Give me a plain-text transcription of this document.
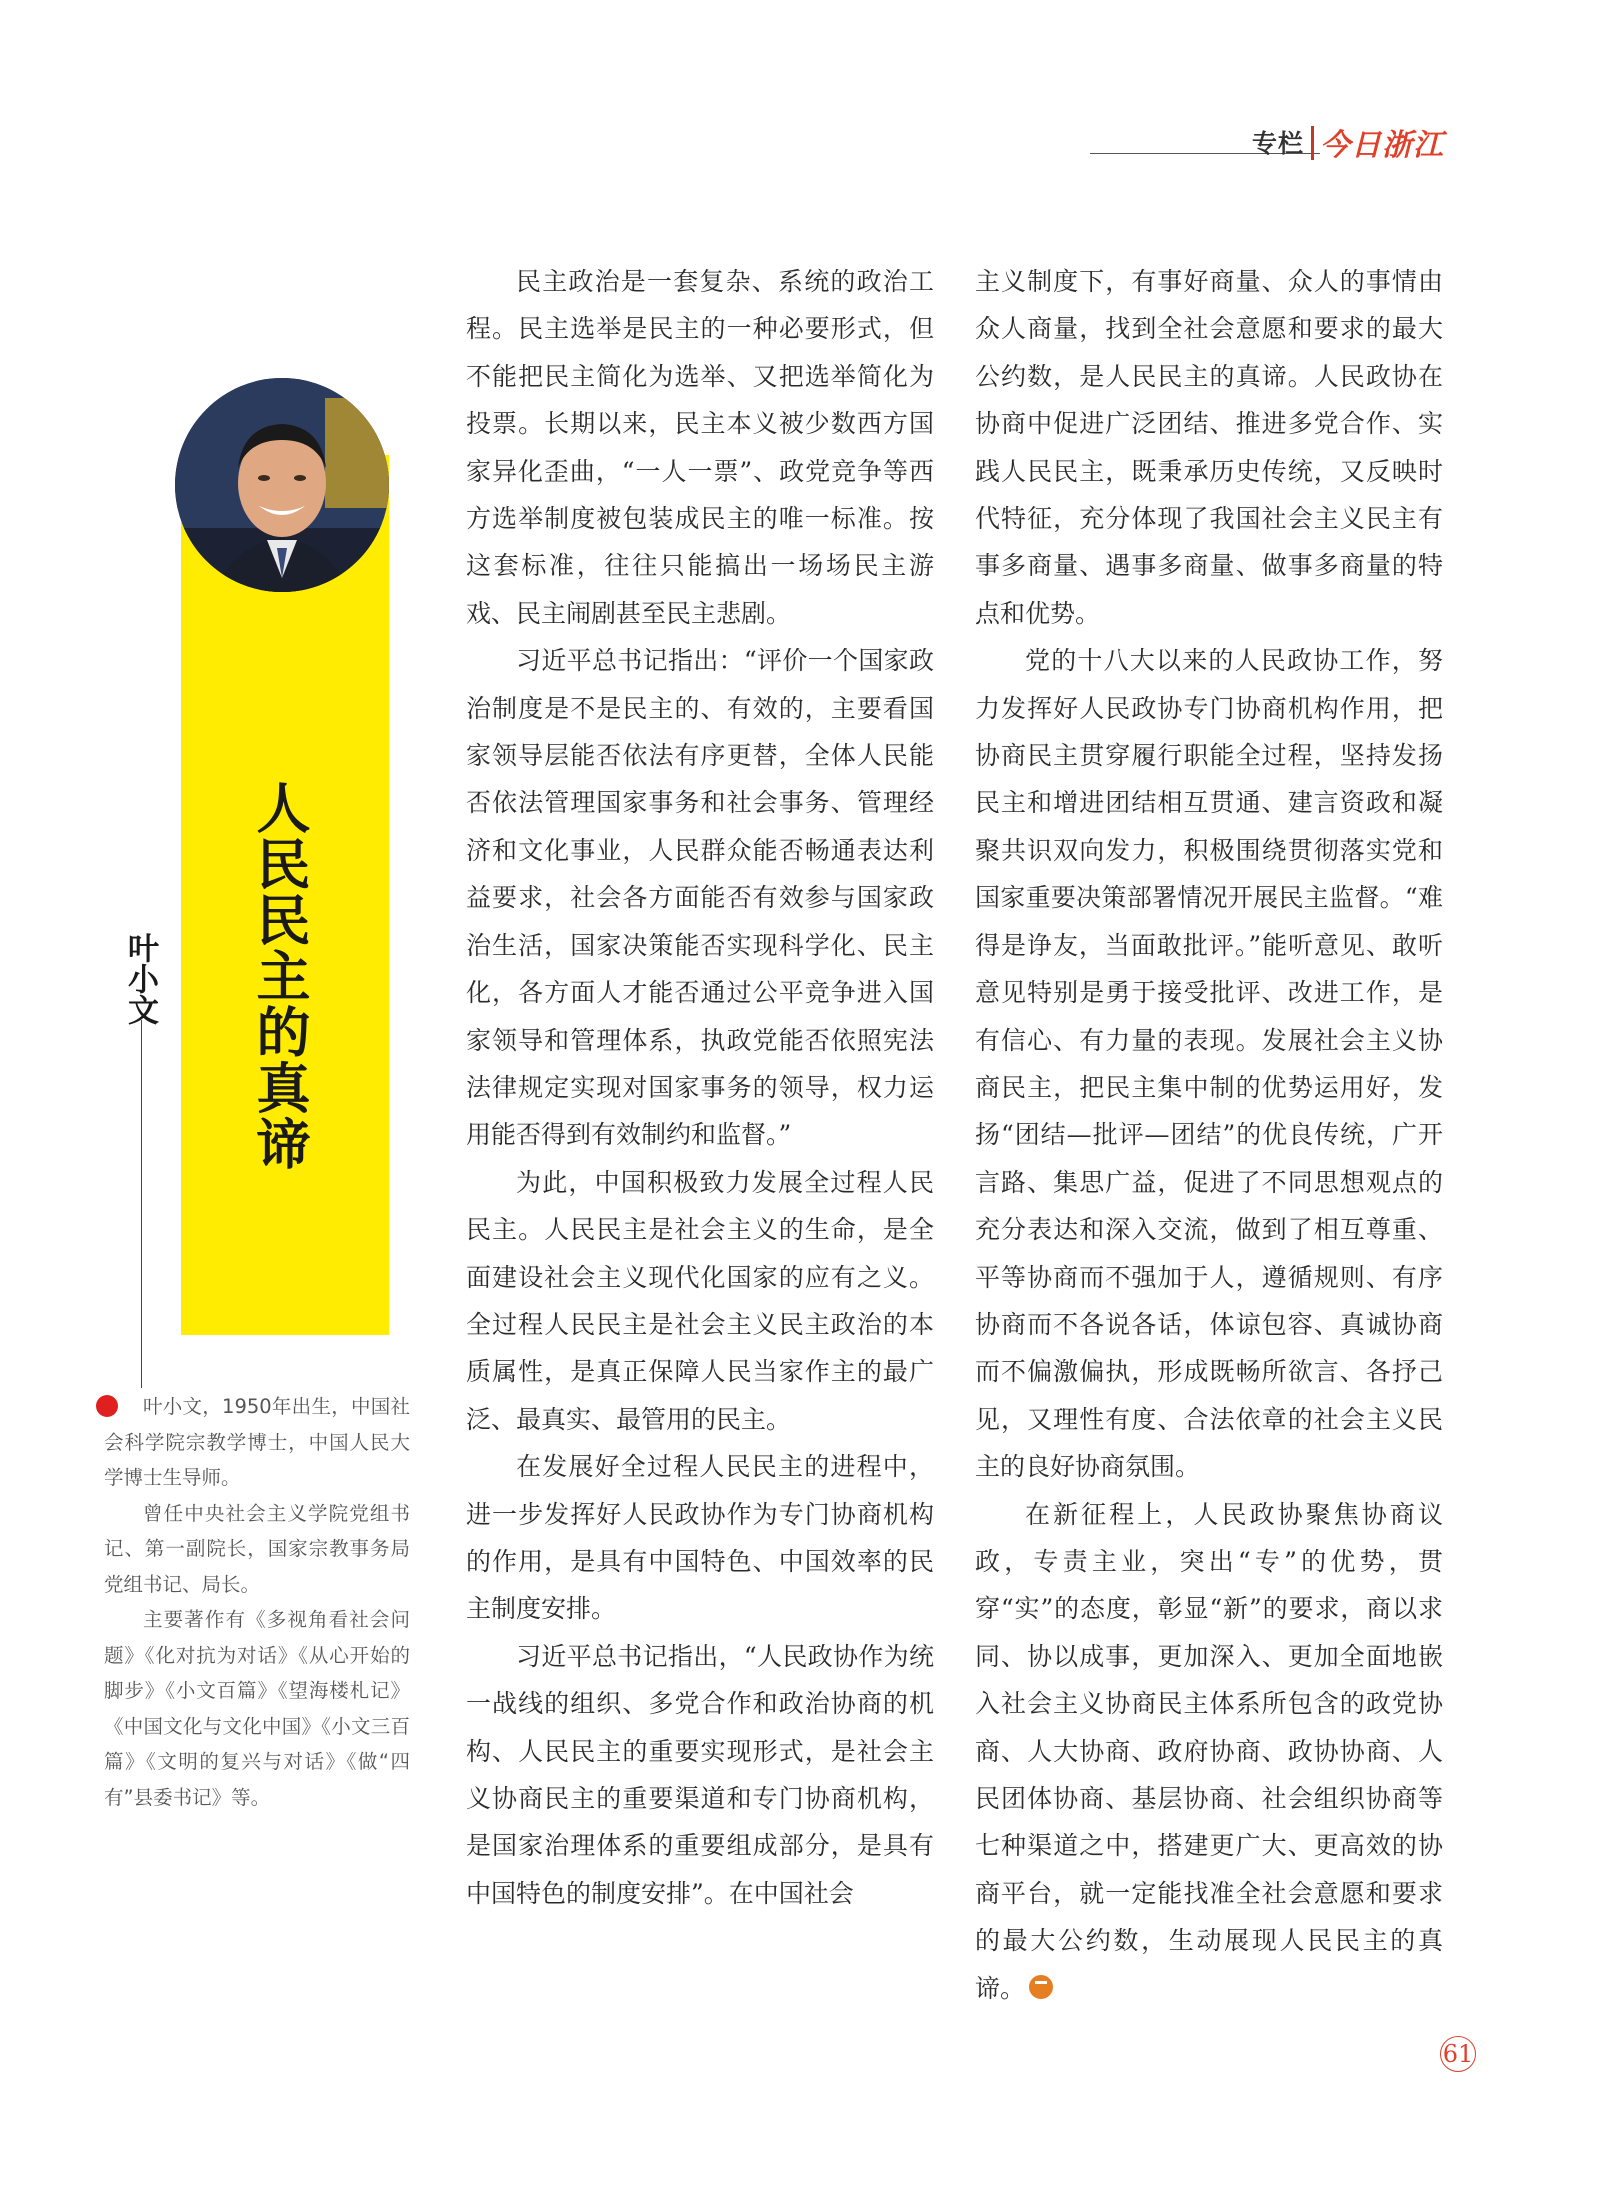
专栏 今日浙江
人民民主的真谛
叶小文

叶小文，1950年出生，中国社会科学院宗教学博士，中国人民大学博士生导师。

曾任中央社会主义学院党组书记、第一副院长，国家宗教事务局党组书记、局长。

主要著作有《多视角看社会问题》《化对抗为对话》《从心开始的脚步》《小文百篇》《望海楼札记》《中国文化与文化中国》《小文三百篇》《文明的复兴与对话》《做“四有”县委书记》等。

民主政治是一套复杂、系统的政治工程。民主选举是民主的一种必要形式，但不能把民主简化为选举、又把选举简化为投票。长期以来，民主本义被少数西方国家异化歪曲，“一人一票”、政党竞争等西方选举制度被包装成民主的唯一标准。按这套标准，往往只能搞出一场场民主游戏、民主闹剧甚至民主悲剧。

习近平总书记指出：“评价一个国家政治制度是不是民主的、有效的，主要看国家领导层能否依法有序更替，全体人民能否依法管理国家事务和社会事务、管理经济和文化事业，人民群众能否畅通表达利益要求，社会各方面能否有效参与国家政治生活，国家决策能否实现科学化、民主化，各方面人才能否通过公平竞争进入国家领导和管理体系，执政党能否依照宪法法律规定实现对国家事务的领导，权力运用能否得到有效制约和监督。”

为此，中国积极致力发展全过程人民民主。人民民主是社会主义的生命，是全面建设社会主义现代化国家的应有之义。全过程人民民主是社会主义民主政治的本质属性，是真正保障人民当家作主的最广泛、最真实、最管用的民主。

在发展好全过程人民民主的进程中，进一步发挥好人民政协作为专门协商机构的作用，是具有中国特色、中国效率的民主制度安排。

习近平总书记指出，“人民政协作为统一战线的组织、多党合作和政治协商的机构、人民民主的重要实现形式，是社会主义协商民主的重要渠道和专门协商机构，是国家治理体系的重要组成部分，是具有中国特色的制度安排”。在中国社会

主义制度下，有事好商量、众人的事情由众人商量，找到全社会意愿和要求的最大公约数，是人民民主的真谛。人民政协在协商中促进广泛团结、推进多党合作、实践人民民主，既秉承历史传统，又反映时代特征，充分体现了我国社会主义民主有事多商量、遇事多商量、做事多商量的特点和优势。

党的十八大以来的人民政协工作，努力发挥好人民政协专门协商机构作用，把协商民主贯穿履行职能全过程，坚持发扬民主和增进团结相互贯通、建言资政和凝聚共识双向发力，积极围绕贯彻落实党和国家重要决策部署情况开展民主监督。“难得是诤友，当面敢批评。”能听意见、敢听意见特别是勇于接受批评、改进工作，是有信心、有力量的表现。发展社会主义协商民主，把民主集中制的优势运用好，发扬“团结—批评—团结”的优良传统，广开言路、集思广益，促进了不同思想观点的充分表达和深入交流，做到了相互尊重、平等协商而不强加于人，遵循规则、有序协商而不各说各话，体谅包容、真诚协商而不偏激偏执，形成既畅所欲言、各抒己见，又理性有度、合法依章的社会主义民主的良好协商氛围。

在新征程上，人民政协聚焦协商议政，专责主业，突出“专”的优势，贯穿“实”的态度，彰显“新”的要求，商以求同、协以成事，更加深入、更加全面地嵌入社会主义协商民主体系所包含的政党协商、人大协商、政府协商、政协协商、人民团体协商、基层协商、社会组织协商等七种渠道之中，搭建更广大、更高效的协商平台，就一定能找准全社会意愿和要求的最大公约数，生动展现人民民主的真谛。

61
